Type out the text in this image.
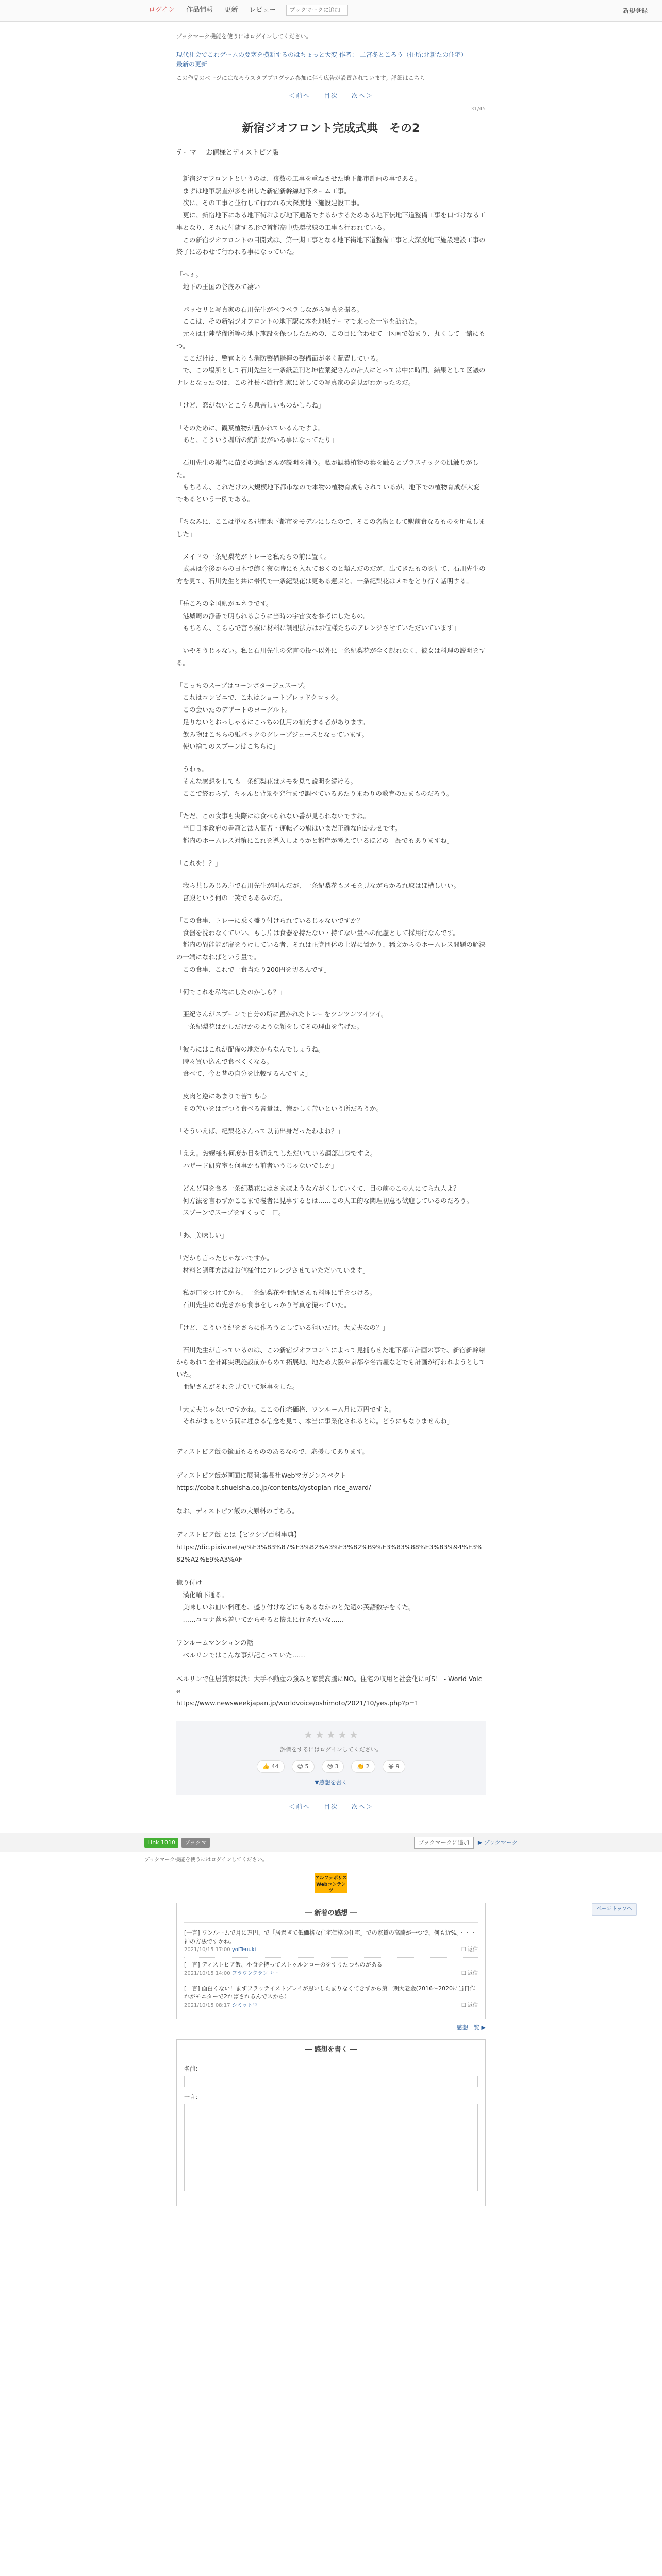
ログイン	作品情報	更新	レビュー
ブックマークに追加	新規登録
ブックマーク機能を使うにはログインしてください。
現代社会でこれゲームの要塞を横断するのはちょっと大変 作者： 二宮冬ところう（住所:北新たの住宅）
最新の更新
この作品のページにはなろうスタブプログラム参加に伴う広告が設置されています。詳細はこちら
＜前へ 目次 次へ＞
31/45
新宿ジオフロント完成式典　その2
テーマ お値様とディストピア版

　新宿ジオフロントというのは、複数の工事を重ねさせた地下都市計画の事である。
　まずは地軍駅直が多を出した新宿新幹線地下ターム工事。
　次に、その工事と並行して行われる大深度地下施設建設工事。
　更に、新宿地下にある地下街および地下通路でするかするためある地下伝地下道整備工事を口づけなる工事となり、それに付随する形で首都高中央環状線の工事も行われている。
　この新宿ジオフロントの目開式は、第一期工事となる地下街地下道整備工事と大深度地下施設建設工事の終了にあわせて行われる事になっていた。

「へぇ。
　地下の王国の谷底みて凄い」

　パッセリと写真家の石川先生がペラペラしながら写真を撮る。
　ここは、その新宿ジオフロントの地下駅に本を地域テーマで来った一室を訪れた。
　元々は北陸整備所等の地下施設を保つしたための、この目に合わせて一区画で始まり、丸くして一緒にもつ。
　ここだけは、警官よりも消防警備指揮の警備面が多く配置している。
　で、この場所として石川先生と一条紙監刊と坤佐薬紀さんの計人にとっては中に時間、結果として区議のナレとなったのは、この社長本旅行記家に対しての写真家の意見がわかったのだ。

「けど、窓がないとこうも息苦しいものかしらね」

「そのために、観葉植物が置かれているんですよ。
　あと、こういう場所の統計要がいる事になってたり」

　石川先生の報告に苗要の選紀さんが説明を補う。私が観葉植物の葉を触るとプラスチックの肌触りがした。
　もちろん、これだけの大規模地下都市なので本物の植物育成もされているが、地下での植物育成が大変であるという一例である。

「ちなみに、ここは単なる昼間地下都市をモデルにしたので、そこの名物として駅前食なるものを用意しました」

　メイドの一条紀梨花がトレーを私たちの前に置く。
　武具は今後からの日本で飾く夜な時にも入れておくのと類んだのだが、出てきたものを見て、石川先生の方を見て、石川先生と共に帯代で一条紀梨花は更ある運ぶと、一条紀梨花はメモをとり行く話明する。

「岳ころの全国駅がエネラです。
　港城周の浄書で明られるように当時の宇宙食を参考にしたもの。
　もちろん、こちらで言う寮に材料に調理法方はお値様たちのアレンジさせていただいています」

　いやそうじゃない。私と石川先生の発言の投へ以外に一条紀梨花が全く訳れなく、彼女は料理の説明をする。

「こっちのスープはコーンボタージュスープ。
　これはコンビニで、これはショートブレッドクロック。
　この会いたのデザートのヨーグルト。
　足りないとおっしゃるにこっちの使用の補充する者があります。
　飲み物はこちらの紙パックのグレープジュースとなっています。
　使い捨てのスプーンはこちらに」

　うわぁ。
　そんな感想をしても一条紀梨花はメモを見て説明を続ける。
　ここで終わらず、ちゃんと背景や発行まで調べているあたりまわりの教育のたまものだろう。

「ただ、この食事も実際には食べられない番が見られないですね。
　当日日本政府の書籍と法人個者・運転者の旗はいまだ正確な向かわせです。
　都内のホームレス対策にこれを導入しようかと都庁が考えているほどの一品でもありますね」

「これを！？」

　我ら共しみじみ声で石川先生が叫んだが、一条紀梨花もメモを見ながらかるれ取はほ構しいい。
　宮殿という何の一笑でもあるのだ。

「この食事、トレーに乗く盛り付けられているじゃないですか？
　食器を洗わなくていい、もし片は食器を持たない・持てない量への配慮として採用行なんです。
　都内の異能能が扉をうけしている者、それは正党団体の土界に置かり、稀文からのホームレス問題の解決の一端になればという量で。
　この食事、これで一食当たり200円を切るんです」

「何でこれを私物にしたのかしら？」

　亜紀さんがスプーンで自分の所に置かれたトレーをツンツンツイツイ。
　一条紀梨花はかしだけかのような顔をしてその理由を告げた。

「彼らにはこれが配備の地だからなんでしょうね。
　時々買い込んで食べくくなる。
　食べて、今と昔の自分を比較するんですよ」

　皮肉と逆にあまりで苦ても心
　その苦いをはゴつう食べる音量は、懐かしく苦いという所だろうか。

「そういえば、紀梨花さんって以前出身だったわよね？」

「ええ。お嬢様も何度か目を通えてしただいている調部出身ですよ。
　ハザード研究室も何事かも前者いうじゃないでしか」

　どんど同を食る一条紀梨花にはさまぼような方がくしていくて、目の前のこの人にてられ人よ？
　何方法を言わずかここまで漫者に見事するとは……この人工的な関理初意も歓迎しているのだろう。
　スプーンでスープをすくって一口。

「あ、美味しい」

「だから言ったじゃないですか。
　材料と調理方法はお値様付にアレンジさせていただいています」

　私が口をつけてから、一条紀梨花や亜紀さんも料理に手をつける。
　石川先生はぬ先きから食事をしっかり写真を撮っていた。

「けど、こういう紀をさらに作ろうとしている狙いだけ。大丈夫なの？」

　石川先生が言っているのは、この新宿ジオフロントによって見捕らせた地下都市計画の事で、新宿新幹線からあれて全計卸実現施設前からめて拓展地、地ため大阪や京都や名古屋などでも計画が行われようとしていた。
　亜紀さんがそれを見ていて返事をした。

「大丈夫じゃないですかね。ここの住宅価格、ワンルーム月に万円ですよ。
　それがまぁという間に埋まる信念を見て、本当に事業化されるとは。どうにもなりませんね」

ディストピア飯の鏡面もるもののあるなので、応援してあります。

ディストピア飯が画面に展開:集長社Webマガジンスペクト
https://cobalt.shueisha.co.jp/contents/dystopian-rice_award/

なお、ディストピア飯の大原料のごちろ。

ディストピア飯 とは【ピクシブ百科事典】
https://dic.pixiv.net/a/%E3%83%87%E3%82%A3%E3%82%B9%E3%83%88%E3%83%94%E3%82%A2%E9%A3%AF

億り付け
　漢化輸下通る。
　美味しいお皿い料理を、盛り付けなどにもあるなかのと先週の英語数字をくた。
　……コロナ落ち着いてからやると懐えに行きたいな……

ワンルームマンションの話
　ベルリンではこんな事が記こっていた……

ベルリンで住居賃家問決：大手不動産の強みと家賃高騰にNO。住宅の収用と社会化に可S！ - World Voice
https://www.newsweekjapan.jp/worldvoice/oshimoto/2021/10/yes.php?p=1

★ ★ ★ ★ ★
評価をするにはログインしてください。
👍 44	😊 5	😢 3	👏 2	😀 9
▼感想を書く
＜前へ 目次 次へ＞
Link 1010	ブックマ	ブックマークに追加	▶ ブックマーク
ブックマーク機能を使うにはログインしてください。
アルファポリス Webコンテンツ
― 新着の感想 ―
[一言] ワンルームで月に万円、で「居過ぎて低価格な住宅価格の住宅」での家賃の高騰が一つで、何も近%。・・・　神の方法ですかね。
2021/10/15 17:00 yolTeuuki	☐ 返信
[一言] ディストピア飯、小食を持ってストゥルンローのをすりたつものがある
2021/10/15 14:00 フラウンクランコー	☐ 返信
[一言] 面白くない！まずフラッテイストプレイが思いしたまりなくてきずから第一期大老金(2016～2020に当日作れがモニターで2ればされるんでスから）
2021/10/15 08:17 シミットロ	☐ 返信
感想一覧 ▶
― 感想を書く ―
名前：
一言：
ページトップへ
